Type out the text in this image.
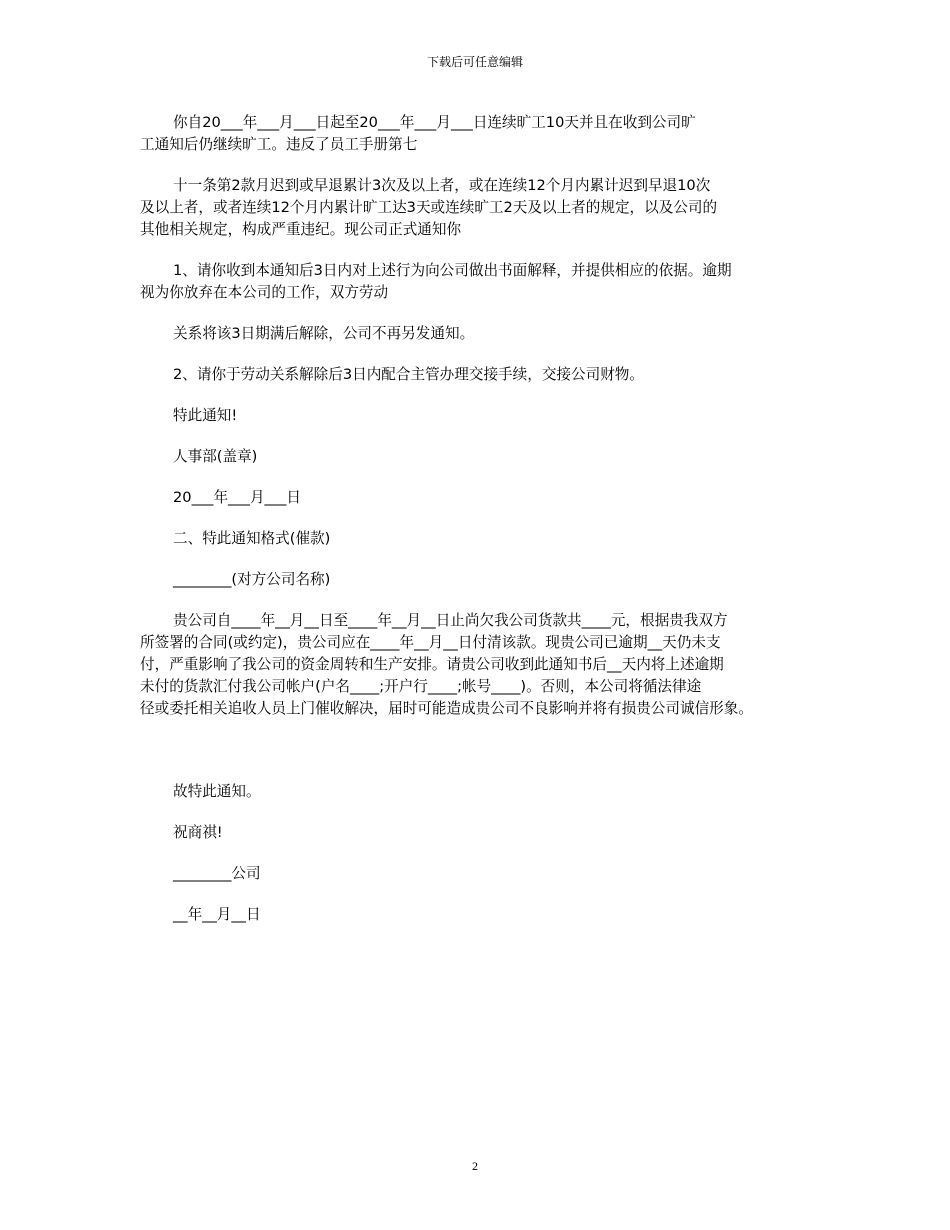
下载后可任意编辑

你自20___年___月___日起至20___年___月___日连续旷工10天并且在收到公司旷
工通知后仍继续旷工。违反了员工手册第七

十一条第2款月迟到或早退累计3次及以上者，或在连续12个月内累计迟到早退10次
及以上者，或者连续12个月内累计旷工达3天或连续旷工2天及以上者的规定，以及公司的
其他相关规定，构成严重违纪。现公司正式通知你

1、请你收到本通知后3日内对上述行为向公司做出书面解释，并提供相应的依据。逾期
视为你放弃在本公司的工作，双方劳动

关系将该3日期满后解除，公司不再另发通知。

2、请你于劳动关系解除后3日内配合主管办理交接手续，交接公司财物。

特此通知!

人事部(盖章)

20___年___月___日

二、特此通知格式(催款)

________(对方公司名称)

贵公司自____年__月__日至____年__月__日止尚欠我公司货款共____元，根据贵我双方
所签署的合同(或约定)，贵公司应在____年__月__日付清该款。现贵公司已逾期__天仍未支
付，严重影响了我公司的资金周转和生产安排。请贵公司收到此通知书后__天内将上述逾期
未付的货款汇付我公司帐户(户名____;开户行____;帐号____)。否则，本公司将循法律途
径或委托相关追收人员上门催收解决，届时可能造成贵公司不良影响并将有损贵公司诚信形象。

故特此通知。

祝商祺!

________公司

__年__月__日

2
